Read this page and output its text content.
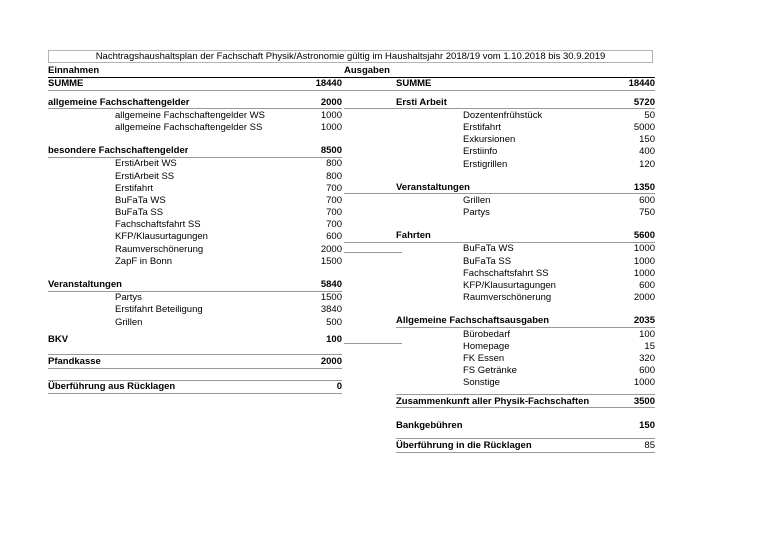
Nachtragshaushaltsplan der Fachschaft Physik/Astronomie gültig im Haushaltsjahr 2018/19 vom 1.10.2018 bis 30.9.2019
Einnahmen	Ausgaben
SUMME	18440	SUMME	18440
allgemeine Fachschaftengelder	2000
allgemeine Fachschaftengelder WS	1000
allgemeine Fachschaftengelder SS	1000
besondere Fachschaftengelder	8500
ErstiArbeit WS	800
ErstiArbeit SS	800
Erstifahrt	700
BuFaTa WS	700
BuFaTa SS	700
Fachschaftsfahrt SS	700
KFP/Klausurtagungen	600
Raumverschönerung	2000
ZapF in Bonn	1500
Veranstaltungen	5840
Partys	1500
Erstifahrt Beteiligung	3840
Grillen	500
BKV	100
Pfandkasse	2000
Überführung aus Rücklagen	0
Ersti Arbeit	5720
Dozentenfrühstück	50
Erstifahrt	5000
Exkursionen	150
Erstiinfo	400
Erstigrillen	120
Veranstaltungen	1350
Grillen	600
Partys	750
Fahrten	5600
BuFaTa WS	1000
BuFaTa SS	1000
Fachschaftsfahrt SS	1000
KFP/Klausurtagungen	600
Raumverschönerung	2000
Allgemeine Fachschaftsausgaben	2035
Bürobedarf	100
Homepage	15
FK Essen	320
FS Getränke	600
Sonstige	1000
Zusammenkunft aller Physik-Fachschaften	3500
Bankgebühren	150
Überführung in die Rücklagen	85
